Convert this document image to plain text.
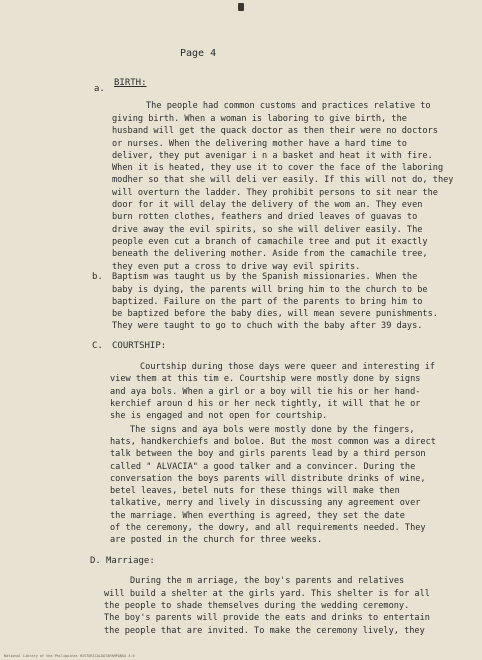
Page 4
a.
BIRTH:
The people had common customs and practices relative to
giving birth. When a woman is laboring to give birth, the
husband will get the quack doctor as then their were no doctors
or nurses. When the delivering mother have a hard time to
deliver, they put avenigar i n a basket and heat it with fire.
When it is heated, they use it to cover the face of the laboring
modher so that she will deli ver easily. If this will not do, they
will overturn the ladder. They prohibit persons to sit near the
door for it will delay the delivery of the wom an. They even
burn rotten clothes, feathers and dried leaves of guavas to
drive away the evil spirits, so she will deliver easily. The
people even cut a branch of camachile tree and put it exactly
beneath the delivering mother. Aside from the camachile tree,
they even put a cross to drive way evil spirits.
b. Baptism was taught us by the Spanish missionaries. When the
baby is dying, the parents will bring him to the church to be
baptized. Failure on the part of the parents to bring him to
be baptized before the baby dies, will mean severe punishments.
They were taught to go to chuch with the baby after 39 days.
C. COURTSHIP:
Courtship during those days were queer and interesting if
view them at this tim e. Courtship were mostly done by signs
and aya bols. When a girl or a boy will tie his or her hand-
kerchief aroun d his or her neck tightly, it will that he or
she is engaged and not open for courtship.
The signs and aya bols were mostly done by the fingers,
hats, handkerchiefs and boloe. But the most common was a direct
talk between the boy and girls parents lead by a third person
called " ALVACIA" a good talker and a convincer. During the
conversation the boys parents will distribute drinks of wine,
betel leaves, betel nuts for these things will make then
talkative, merry and lively in discussing any agreement over
the marriage. When everthing is agreed, they set the date
of the ceremony, the dowry, and all requirements needed. They
are posted in the church for three weeks.
D. Marriage:
During the m arriage, the boy's parents and relatives
will build a shelter at the girls yard. This shelter is for all
the people to shade themselves during the wedding ceremony.
The boy's parents will provide the eats and drinks to entertain
the people that are invited. To make the ceremony lively, they
National Library of the Philippines HISTORICALDATAPAMPANGA 4-6
